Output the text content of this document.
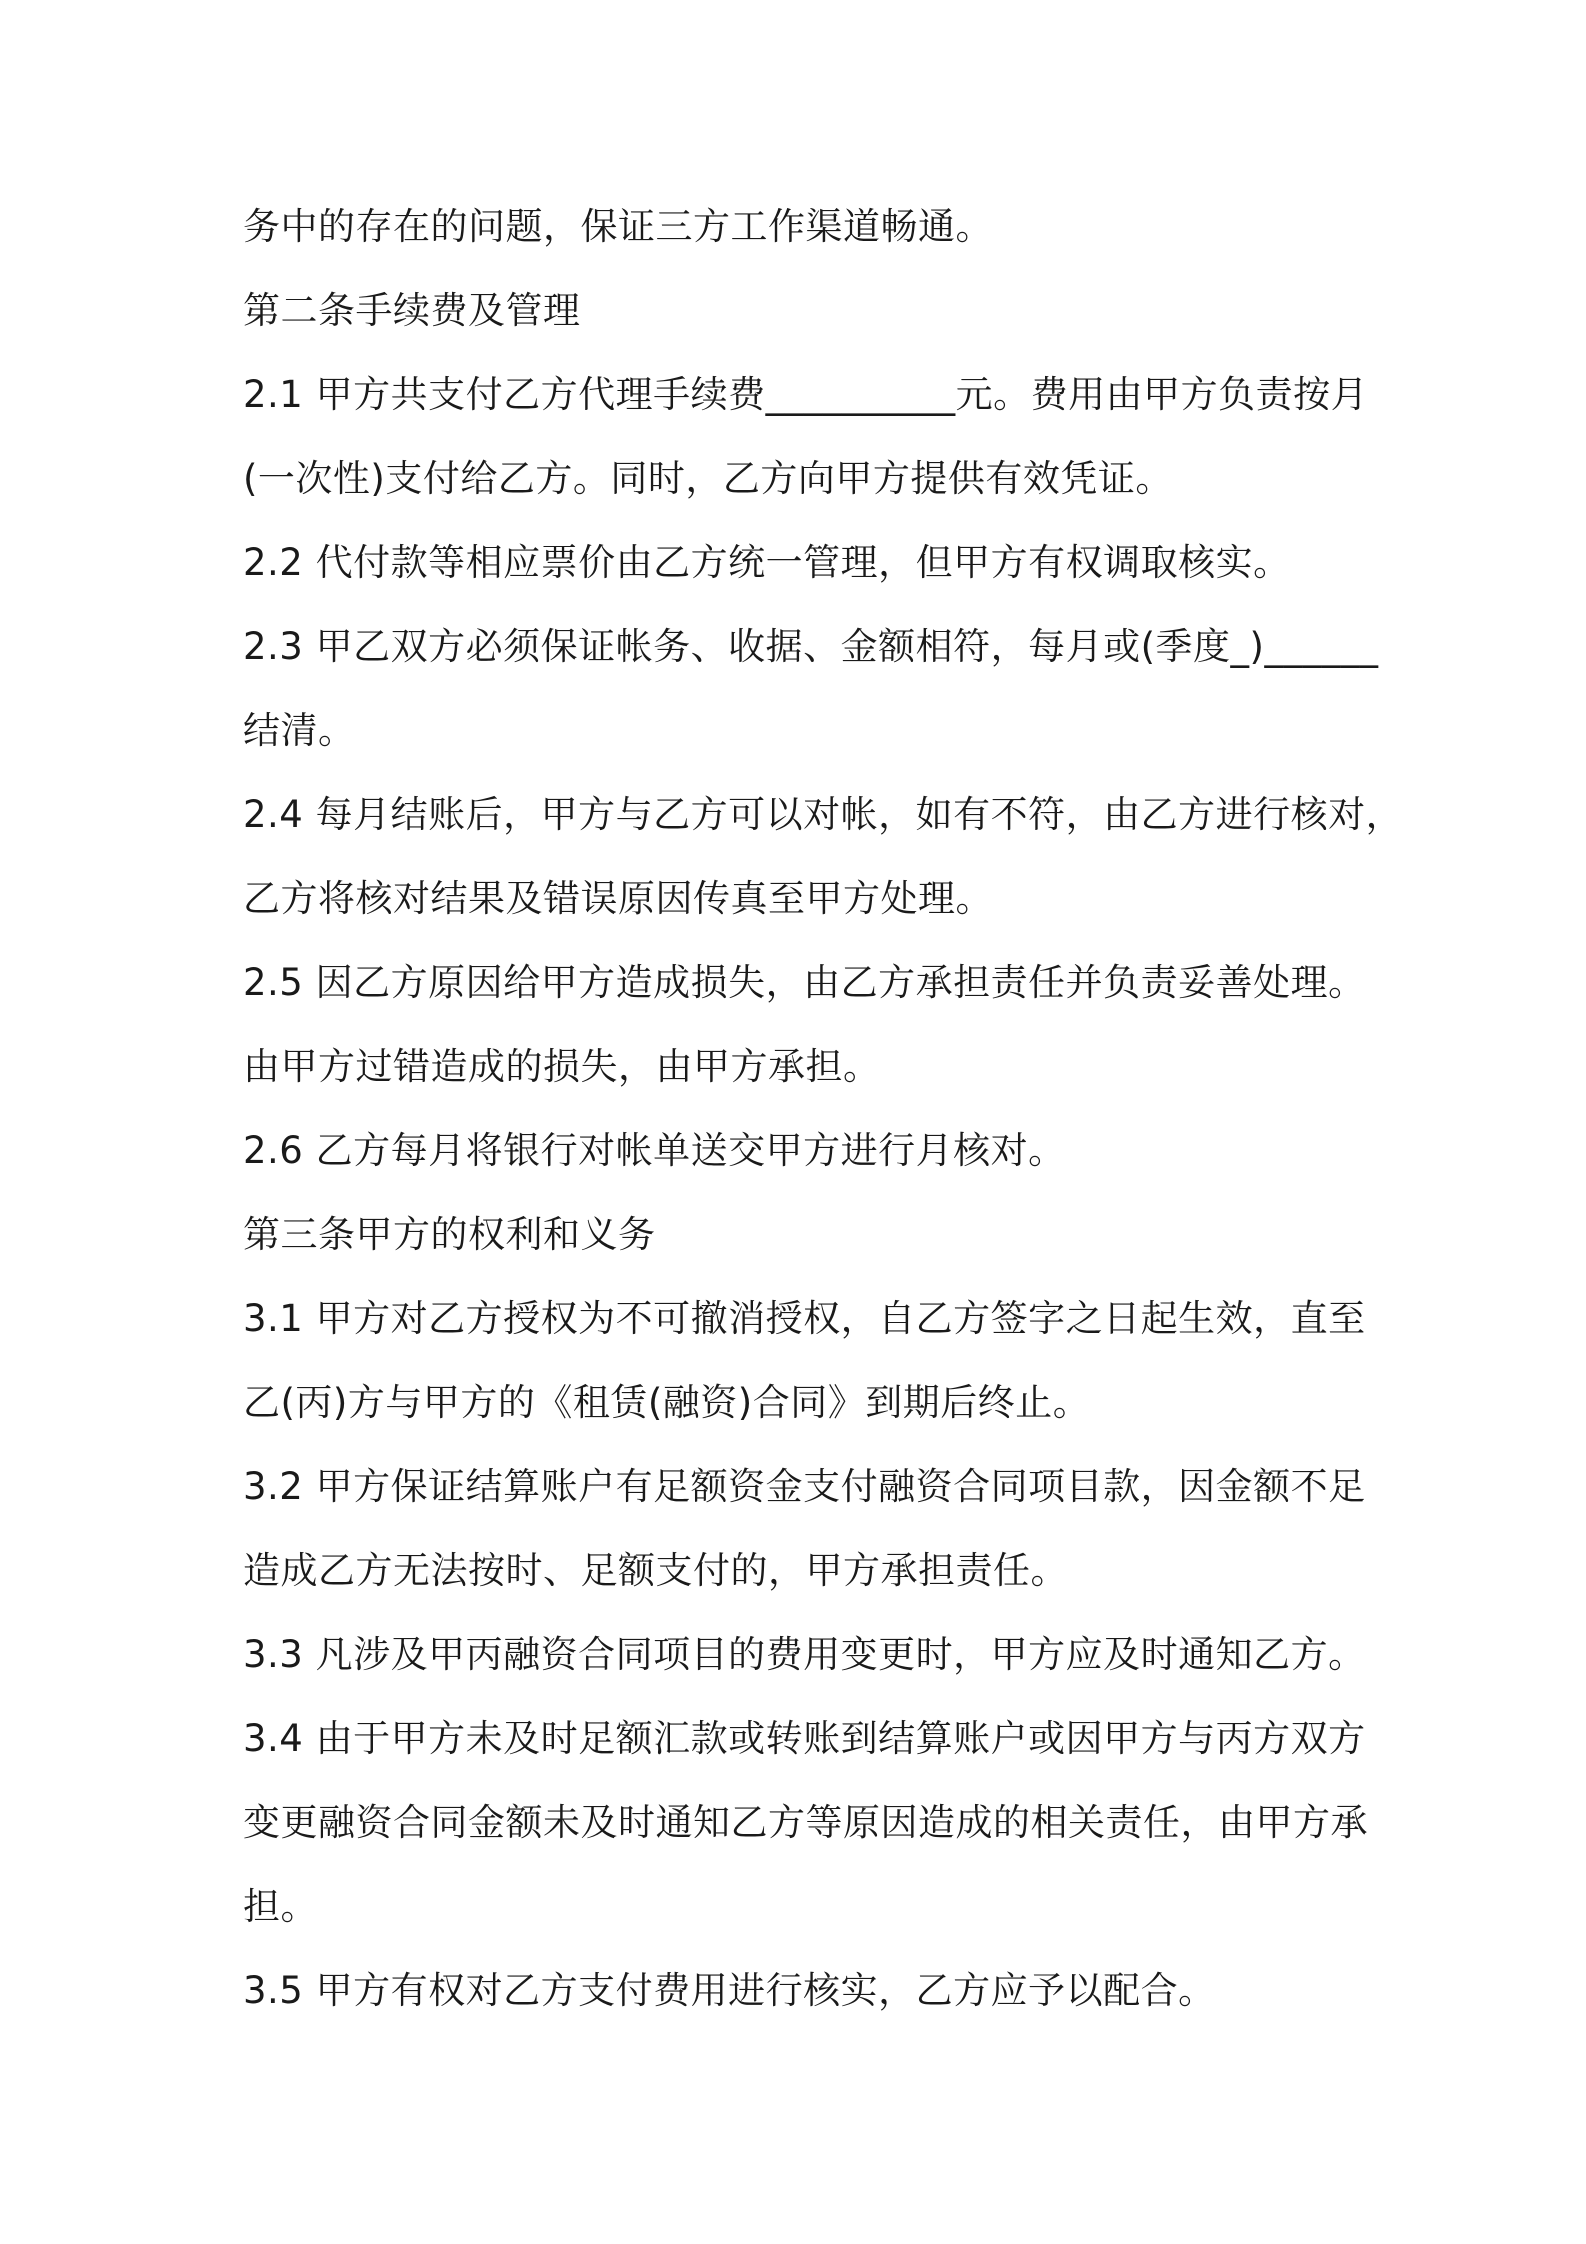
务中的存在的问题，保证三方工作渠道畅通。

第二条手续费及管理

2.1 甲方共支付乙方代理手续费__________元。费用由甲方负责按月

(一次性)支付给乙方。同时，乙方向甲方提供有效凭证。

2.2 代付款等相应票价由乙方统一管理，但甲方有权调取核实。

2.3 甲乙双方必须保证帐务、收据、金额相符，每月或(季度_)______

结清。

2.4 每月结账后，甲方与乙方可以对帐，如有不符，由乙方进行核对，

乙方将核对结果及错误原因传真至甲方处理。

2.5 因乙方原因给甲方造成损失，由乙方承担责任并负责妥善处理。

由甲方过错造成的损失，由甲方承担。

2.6 乙方每月将银行对帐单送交甲方进行月核对。

第三条甲方的权利和义务

3.1 甲方对乙方授权为不可撤消授权，自乙方签字之日起生效，直至

乙(丙)方与甲方的《租赁(融资)合同》到期后终止。

3.2 甲方保证结算账户有足额资金支付融资合同项目款，因金额不足

造成乙方无法按时、足额支付的，甲方承担责任。

3.3 凡涉及甲丙融资合同项目的费用变更时，甲方应及时通知乙方。

3.4 由于甲方未及时足额汇款或转账到结算账户或因甲方与丙方双方

变更融资合同金额未及时通知乙方等原因造成的相关责任，由甲方承

担。

3.5 甲方有权对乙方支付费用进行核实，乙方应予以配合。
